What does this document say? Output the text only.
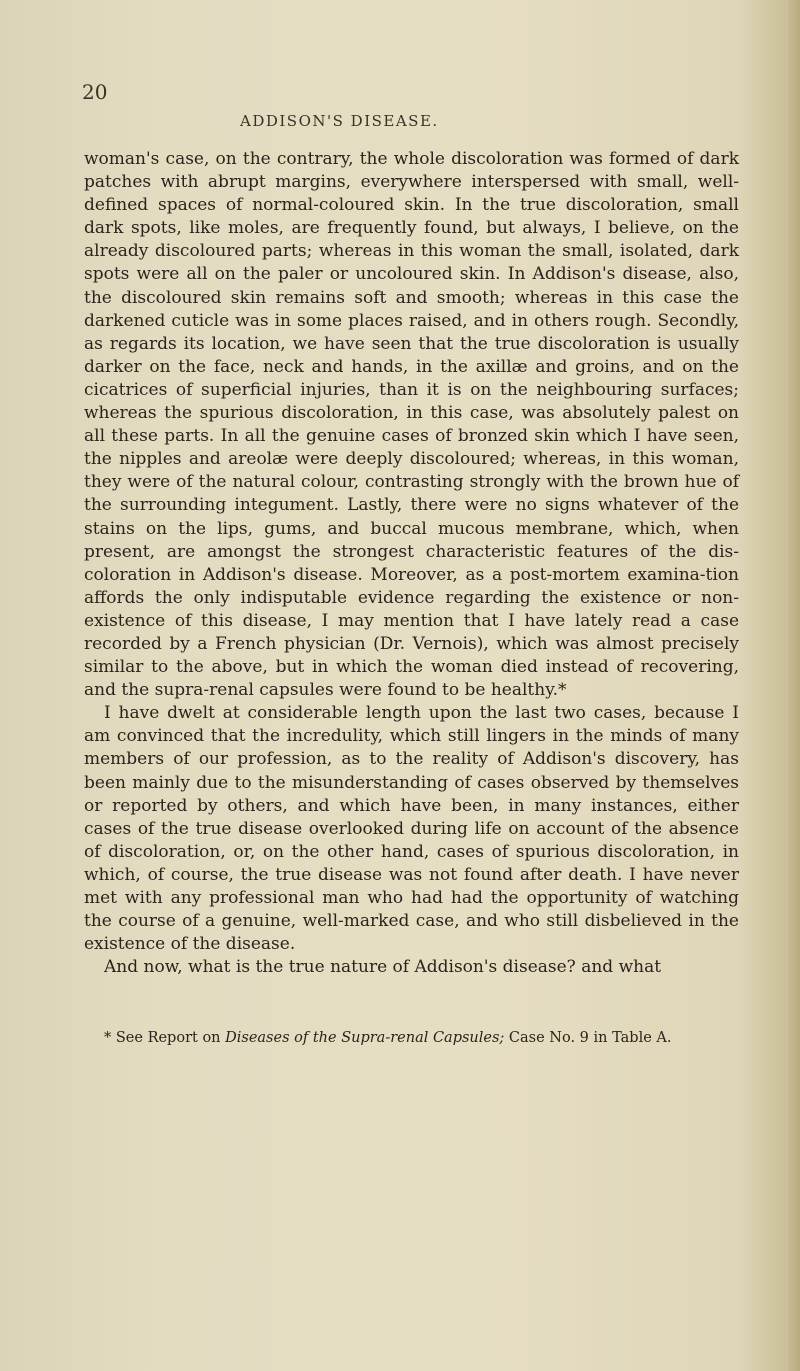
20
ADDISON'S DISEASE.

woman's case, on the contrary, the whole discoloration was formed of dark patches with abrupt margins, everywhere interspersed with small, well-defined spaces of normal-coloured skin. In the true discoloration, small dark spots, like moles, are frequently found, but always, I believe, on the already discoloured parts; whereas in this woman the small, isolated, dark spots were all on the paler or uncoloured skin. In Addison's disease, also, the discoloured skin remains soft and smooth; whereas in this case the darkened cuticle was in some places raised, and in others rough. Secondly, as regards its location, we have seen that the true discoloration is usually darker on the face, neck and hands, in the axillæ and groins, and on the cicatrices of superficial injuries, than it is on the neighbouring surfaces; whereas the spurious discoloration, in this case, was absolutely palest on all these parts. In all the genuine cases of bronzed skin which I have seen, the nipples and areolæ were deeply discoloured; whereas, in this woman, they were of the natural colour, contrasting strongly with the brown hue of the surrounding integument. Lastly, there were no signs whatever of the stains on the lips, gums, and buccal mucous membrane, which, when present, are amongst the strongest characteristic features of the dis-coloration in Addison's disease. Moreover, as a post-mortem examina-tion affords the only indisputable evidence regarding the existence or non-existence of this disease, I may mention that I have lately read a case recorded by a French physician (Dr. Vernois), which was almost precisely similar to the above, but in which the woman died instead of recovering, and the supra-renal capsules were found to be healthy.*

I have dwelt at considerable length upon the last two cases, because I am convinced that the incredulity, which still lingers in the minds of many members of our profession, as to the reality of Addison's discovery, has been mainly due to the misunderstanding of cases observed by themselves or reported by others, and which have been, in many instances, either cases of the true disease overlooked during life on account of the absence of discoloration, or, on the other hand, cases of spurious discoloration, in which, of course, the true disease was not found after death. I have never met with any professional man who had had the opportunity of watching the course of a genuine, well-marked case, and who still disbelieved in the existence of the disease.

And now, what is the true nature of Addison's disease? and what

* See Report on Diseases of the Supra-renal Capsules; Case No. 9 in Table A.
